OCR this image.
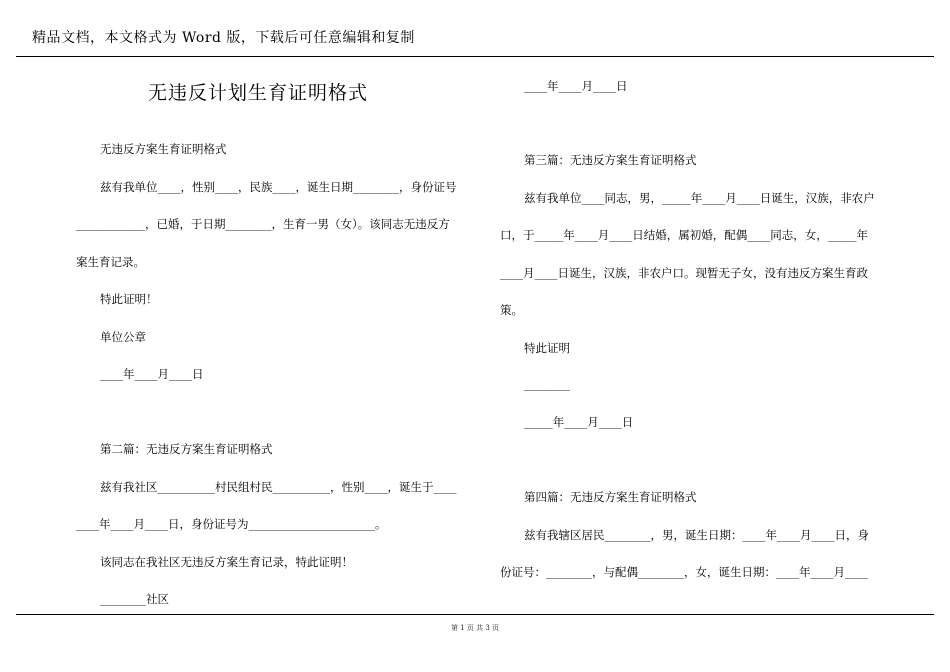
精品文档，本文格式为 Word 版，下载后可任意编辑和复制

无违反计划生育证明格式

无违反方案生育证明格式

兹有我单位____，性别____，民族____，诞生日期________，身份证号

____________，已婚，于日期________，生育一男（女）。该同志无违反方

案生育记录。

特此证明！

单位公章

____年____月____日

第二篇：无违反方案生育证明格式

兹有我社区__________村民组村民__________，性别____，诞生于____

____年____月____日，身份证号为______________________。

该同志在我社区无违反方案生育记录，特此证明！

________社区

____年____月____日

第三篇：无违反方案生育证明格式

兹有我单位____同志，男，_____年____月____日诞生，汉族，非农户

口，于_____年____月____日结婚，属初婚，配偶____同志，女，_____年

____月____日诞生，汉族，非农户口。现暂无子女，没有违反方案生育政

策。

特此证明

________

_____年____月____日

第四篇：无违反方案生育证明格式

兹有我辖区居民________，男，诞生日期：____年____月____日，身

份证号：________，与配偶________，女，诞生日期：____年____月____

第 1 页 共 3 页
